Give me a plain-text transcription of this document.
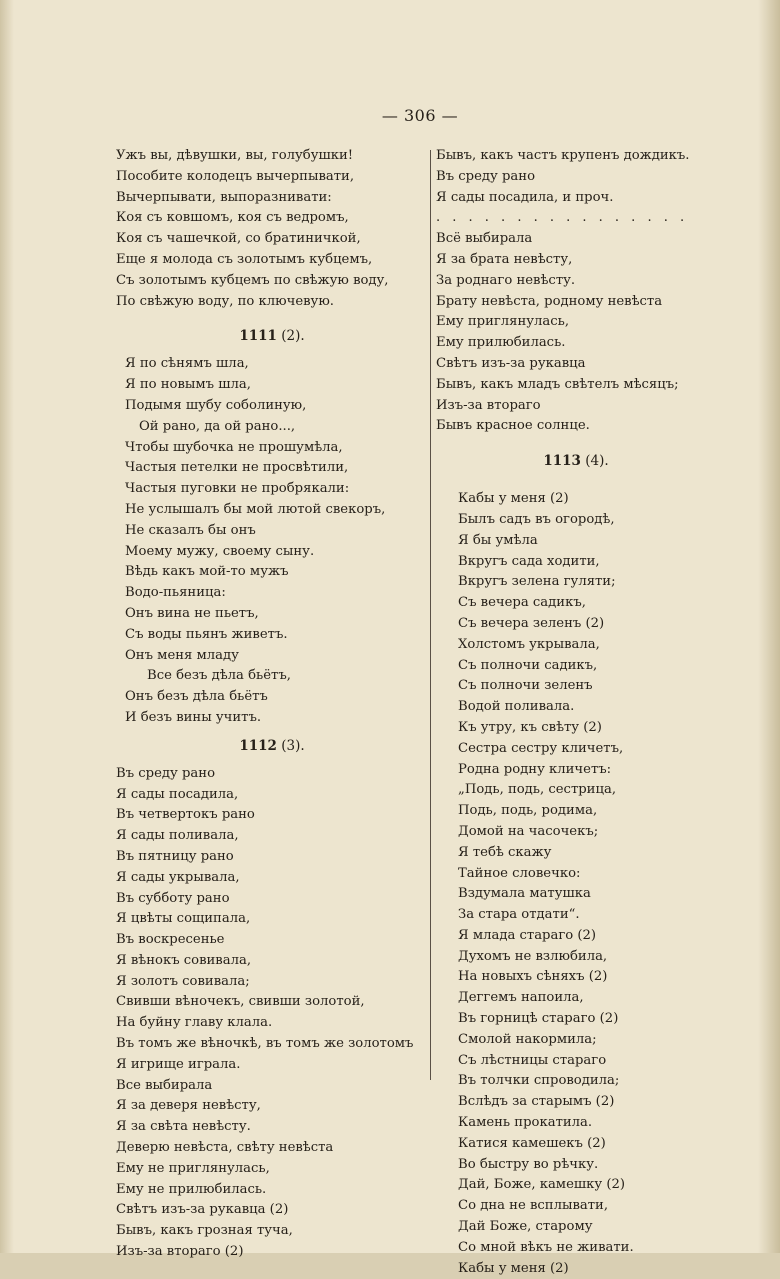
— 306 —
Ужъ вы, дѣвушки, вы, голубушки!
Пособите колодецъ вычерпывати,
Вычерпывати, выпоразнивати:
Коя съ ковшомъ, коя съ ведромъ,
Коя съ чашечкой, со братиничкой,
Еще я молода съ золотымъ кубцемъ,
Съ золотымъ кубцемъ по свѣжую воду,
По свѣжую воду, по ключевую.
1111 (2).
Я по сѣнямъ шла,
Я по новымъ шла,
Подымя шубу соболиную,
Ой рано, да ой рано...,
Чтобы шубочка не прошумѣла,
Частыя петелки не просвѣтили,
Частыя пуговки не пробрякали:
Не услышалъ бы мой лютой свекоръ,
Не сказалъ бы онъ
Моему мужу, своему сыну.
Вѣдь какъ мой-то мужъ
Водо-пьяница:
Онъ вина не пьетъ,
Съ воды пьянъ живетъ.
Онъ меня младу
Все безъ дѣла бьётъ,
Онъ безъ дѣла бьётъ
И безъ вины учитъ.
1112 (3).
Въ среду рано
Я сады посадила,
Въ четвертокъ рано
Я сады поливала,
Въ пятницу рано
Я сады укрывала,
Въ субботу рано
Я цвѣты сощипала,
Въ воскресенье
Я вѣнокъ совивала,
Я золотъ совивала;
Свивши вѣночекъ, свивши золотой,
На буйну главу клала.
Въ томъ же вѣночкѣ, въ томъ же золотомъ
Я игрище играла.
Все выбирала
Я за деверя невѣсту,
Я за свѣта невѣсту.
Деверю невѣста, свѣту невѣста
Ему не приглянулась,
Ему не прилюбилась.
Свѣтъ изъ-за рукавца (2)
Бывъ, какъ грозная туча,
Изъ-за втораго (2)
Бывъ, какъ частъ крупенъ дождикъ.
Въ среду рано
Я сады посадила, и проч.
. . . . . . . . . . . . . . . .
Всё выбирала
Я за брата невѣсту,
За роднаго невѣсту.
Брату невѣста, родному невѣста
Ему приглянулась,
Ему прилюбилась.
Свѣтъ изъ-за рукавца
Бывъ, какъ младъ свѣтелъ мѣсяцъ;
Изъ-за втораго
Бывъ красное солнце.
1113 (4).
Кабы у меня (2)
Былъ садъ въ огородѣ,
Я бы умѣла
Вкругъ сада ходити,
Вкругъ зелена гуляти;
Съ вечера садикъ,
Съ вечера зеленъ (2)
Холстомъ укрывала,
Съ полночи садикъ,
Съ полночи зеленъ
Водой поливала.
Къ утру, къ свѣту (2)
Сестра сестру кличетъ,
Родна родну кличетъ:
„Подь, подь, сестрица,
Подь, подь, родима,
Домой на часочекъ;
Я тебѣ скажу
Тайное словечко:
Вздумала матушка
За стара отдати“.
Я млада стараго (2)
Духомъ не взлюбила,
На новыхъ сѣняхъ (2)
Деггемъ напоила,
Въ горницѣ стараго (2)
Смолой накормила;
Съ лѣстницы стараго
Въ толчки спроводила;
Вслѣдъ за старымъ (2)
Камень прокатила.
Катися камешекъ (2)
Во быстру во рѣчку.
Дай, Боже, камешку (2)
Со дна не всплывати,
Дай Боже, старому
Со мной вѣкъ не живати.
Кабы у меня (2)
